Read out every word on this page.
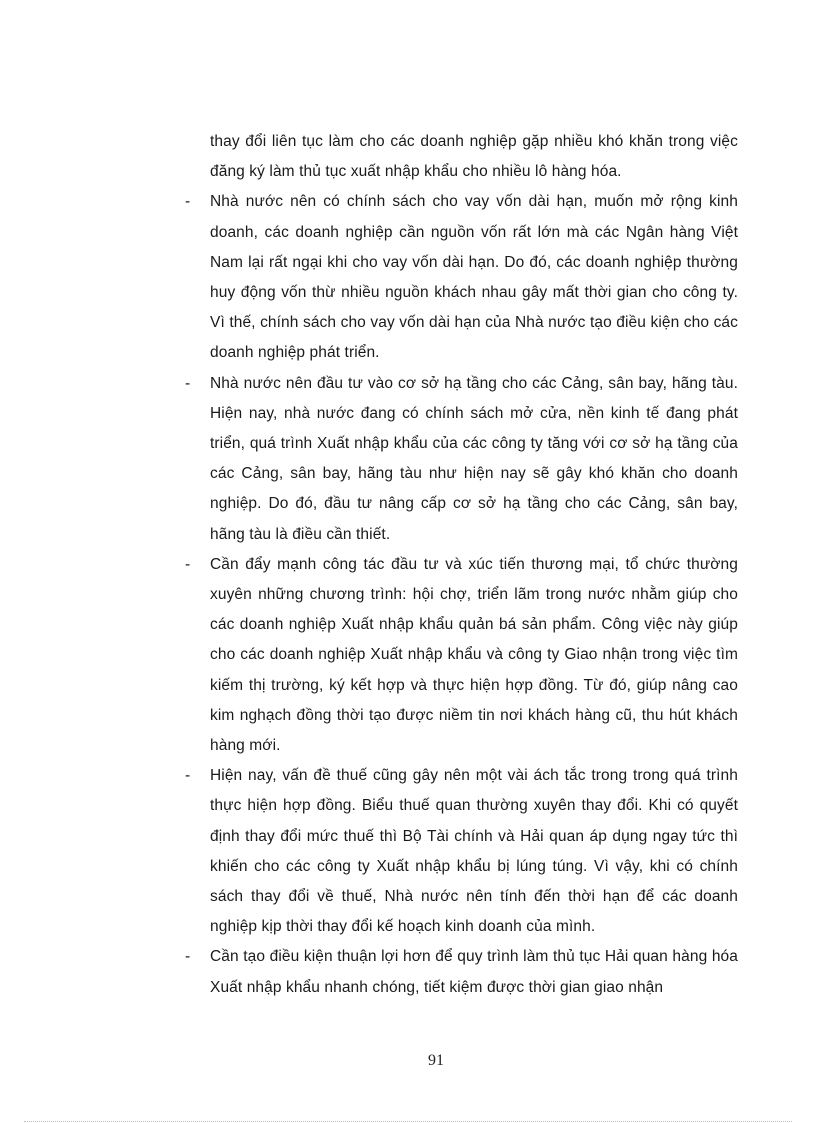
thay đổi liên tục làm cho các doanh nghiệp gặp nhiều khó khăn trong việc đăng ký làm thủ tục xuất nhập khẩu cho nhiều lô hàng hóa.

-	Nhà nước nên có chính sách cho vay vốn dài hạn, muốn mở rộng kinh doanh, các doanh nghiệp cần nguồn vốn rất lớn mà các Ngân hàng Việt Nam lại rất ngại khi cho vay vốn dài hạn. Do đó, các doanh nghiệp thường huy động vốn thừ nhiều nguồn khách nhau gây mất thời gian cho công ty. Vì thế, chính sách cho vay vốn dài hạn của Nhà nước tạo điều kiện cho các doanh nghiệp phát triển.

-	Nhà nước nên đầu tư vào cơ sở hạ tầng cho các Cảng, sân bay, hãng tàu. Hiện nay, nhà nước đang có chính sách mở cửa, nền kinh tế đang phát triển, quá trình Xuất nhập khẩu của các công ty tăng với cơ sở hạ tầng của các Cảng, sân bay, hãng tàu như hiện nay sẽ gây khó khăn cho doanh nghiệp. Do đó, đầu tư nâng cấp cơ sở hạ tầng cho các Cảng, sân bay, hãng tàu là điều cần thiết.

-	Cần đẩy mạnh công tác đầu tư và xúc tiến thương mại, tổ chức thường xuyên những chương trình: hội chợ, triển lãm trong nước nhằm giúp cho các doanh nghiệp Xuất nhập khẩu quản bá sản phẩm. Công việc này giúp cho các doanh nghiệp Xuất nhập khẩu và công ty Giao nhận trong việc tìm kiếm thị trường, ký kết hợp và thực hiện hợp đồng. Từ đó, giúp nâng cao kim nghạch đồng thời tạo được niềm tin nơi khách hàng cũ, thu hút khách hàng mới.

-	Hiện nay, vấn đề thuế cũng gây nên một vài ách tắc trong trong quá trình thực hiện hợp đồng. Biểu thuế quan thường xuyên thay đổi. Khi có quyết định thay đổi mức thuế thì Bộ Tài chính và Hải quan áp dụng ngay tức thì khiến cho các công ty Xuất nhập khẩu bị lúng túng. Vì vậy, khi có chính sách thay đổi về thuế, Nhà nước nên tính đến thời hạn để các doanh nghiệp kịp thời thay đổi kế hoạch kinh doanh của mình.

-	Cần tạo điều kiện thuận lợi hơn để quy trình làm thủ tục Hải quan hàng hóa Xuất nhập khẩu nhanh chóng, tiết kiệm được thời gian giao nhận

91
